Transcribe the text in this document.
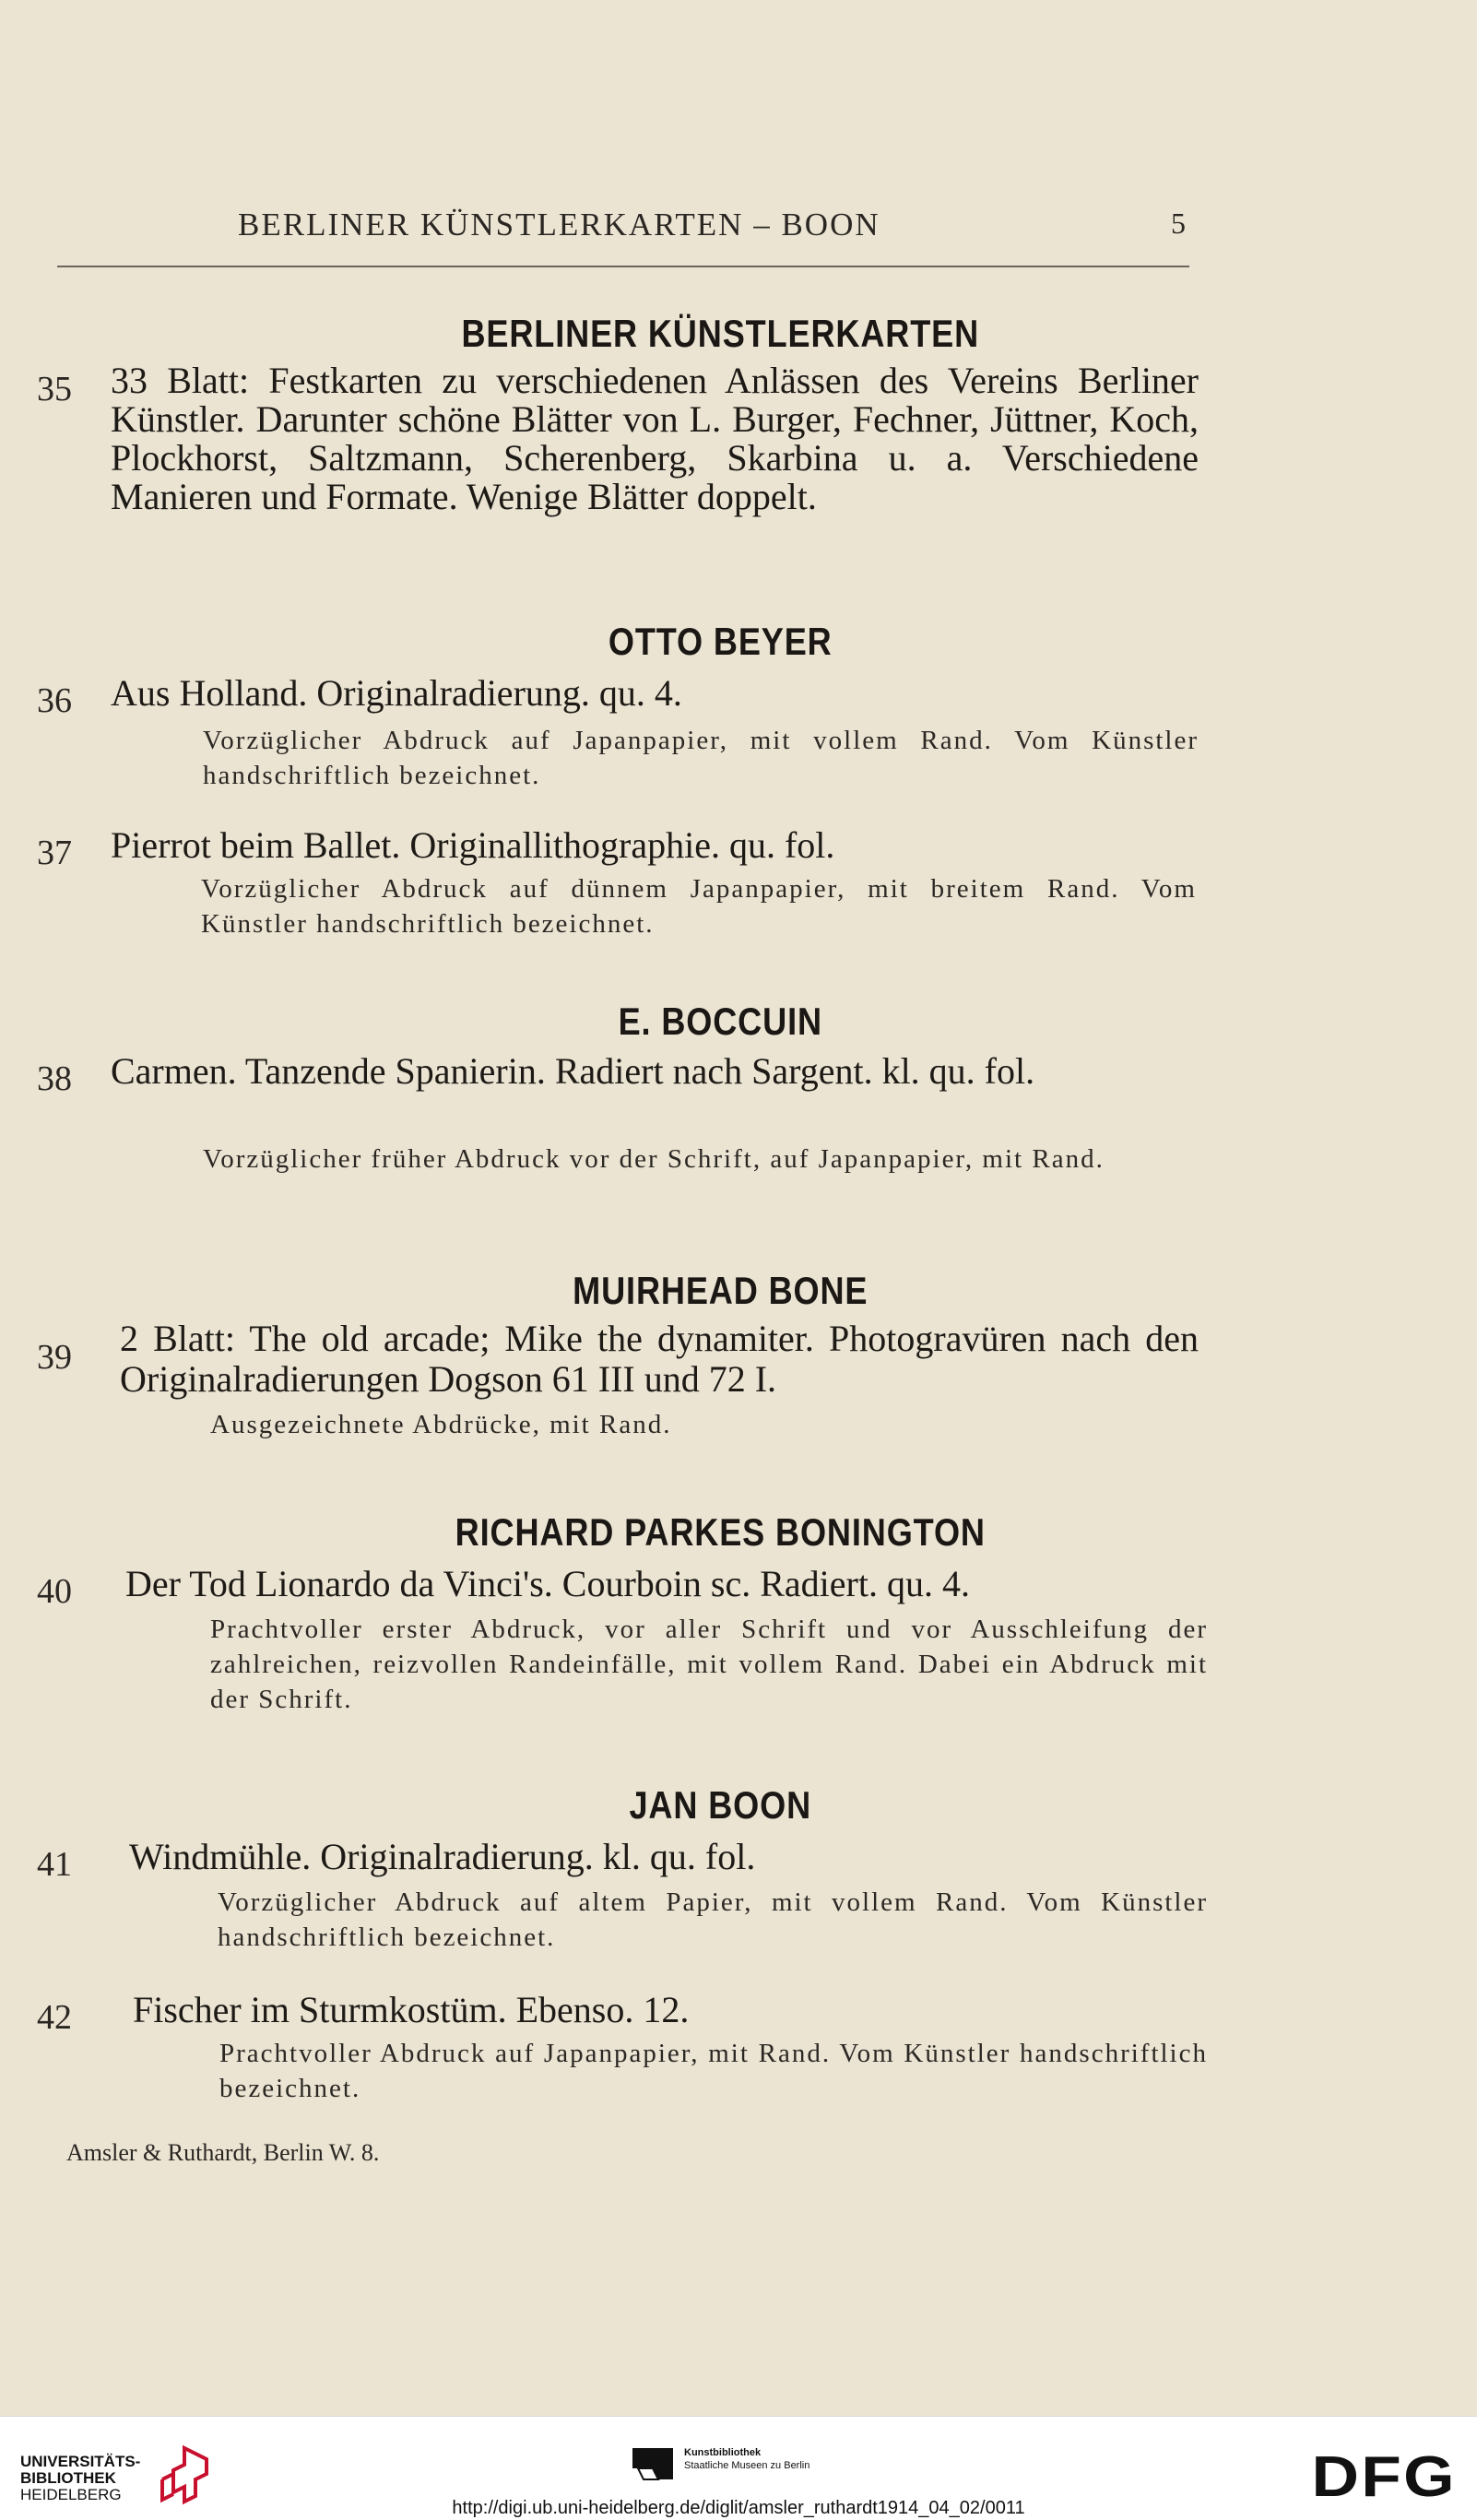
BERLINER KÜNSTLERKARTEN – BOON	5
BERLINER KÜNSTLERKARTEN
35 33 Blatt: Festkarten zu verschiedenen Anlässen des Vereins Berliner Künstler. Darunter schöne Blätter von L. Burger, Fechner, Jüttner, Koch, Plockhorst, Saltzmann, Scherenberg, Skarbina u. a. Verschiedene Manieren und Formate. Wenige Blätter doppelt.
OTTO BEYER
36 Aus Holland. Originalradierung. qu. 4.
Vorzüglicher Abdruck auf Japanpapier, mit vollem Rand. Vom Künstler handschriftlich bezeichnet.
37 Pierrot beim Ballet. Originallithographie. qu. fol.
Vorzüglicher Abdruck auf dünnem Japanpapier, mit breitem Rand. Vom Künstler handschriftlich bezeichnet.
E. BOCCUIN
38 Carmen. Tanzende Spanierin. Radiert nach Sargent. kl. qu. fol.
Vorzüglicher früher Abdruck vor der Schrift, auf Japanpapier, mit Rand.
MUIRHEAD BONE
39 2 Blatt: The old arcade; Mike the dynamiter. Photogravüren nach den Originalradierungen Dogson 61 III und 72 I.
Ausgezeichnete Abdrücke, mit Rand.
RICHARD PARKES BONINGTON
40 Der Tod Lionardo da Vinci's. Courboin sc. Radiert. qu. 4.
Prachtvoller erster Abdruck, vor aller Schrift und vor Ausschleifung der zahlreichen, reizvollen Randeinfälle, mit vollem Rand. Dabei ein Abdruck mit der Schrift.
JAN BOON
41 Windmühle. Originalradierung. kl. qu. fol.
Vorzüglicher Abdruck auf altem Papier, mit vollem Rand. Vom Künstler handschriftlich bezeichnet.
42 Fischer im Sturmkostüm. Ebenso. 12.
Prachtvoller Abdruck auf Japanpapier, mit Rand. Vom Künstler handschriftlich bezeichnet.
Amsler & Ruthardt, Berlin W. 8.
UNIVERSITÄTS-
BIBLIOTHEK
HEIDELBERG
Kunstbibliothek
Staatliche Museen zu Berlin	DFG
http://digi.ub.uni-heidelberg.de/diglit/amsler_ruthardt1914_04_02/0011
